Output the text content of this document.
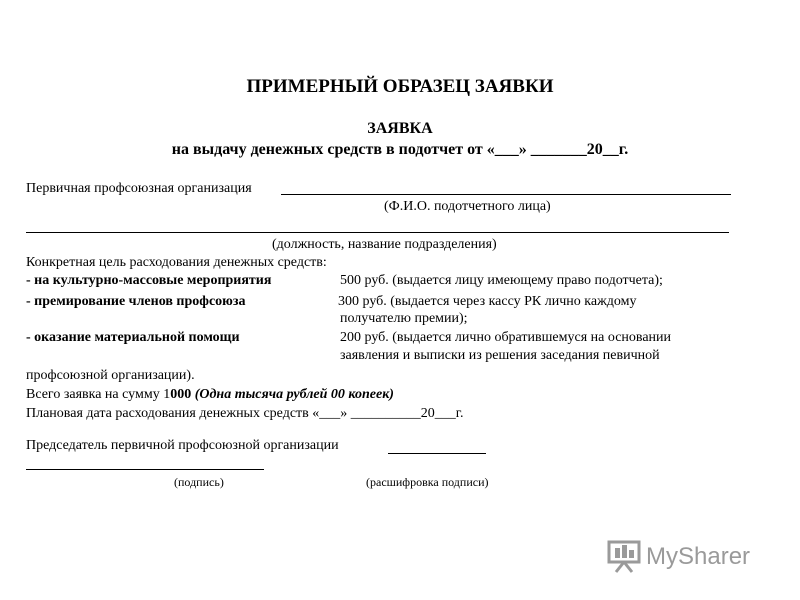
ПРИМЕРНЫЙ ОБРАЗЕЦ ЗАЯВКИ
ЗАЯВКА
на выдачу денежных средств в подотчет от «___» _______20__г.
Первичная профсоюзная организация
(Ф.И.О. подотчетного лица)
(должность, название подразделения)
Конкретная цель расходования денежных средств:
- на культурно-массовые мероприятия	500 руб. (выдается лицу имеющему право подотчета);
- премирование членов профсоюза	300 руб. (выдается через кассу РК лично каждому
получателю премии);
- оказание материальной помощи	200 руб. (выдается лично обратившемуся на основании
заявления и выписки из решения заседания певичной
профсоюзной организации).
Всего заявка на сумму 1000 (Одна тысяча рублей 00 копеек)
Плановая дата расходования денежных средств «___» __________20___г.
Председатель первичной профсоюзной организации
(подпись)	(расшифровка подписи)
MySharer
